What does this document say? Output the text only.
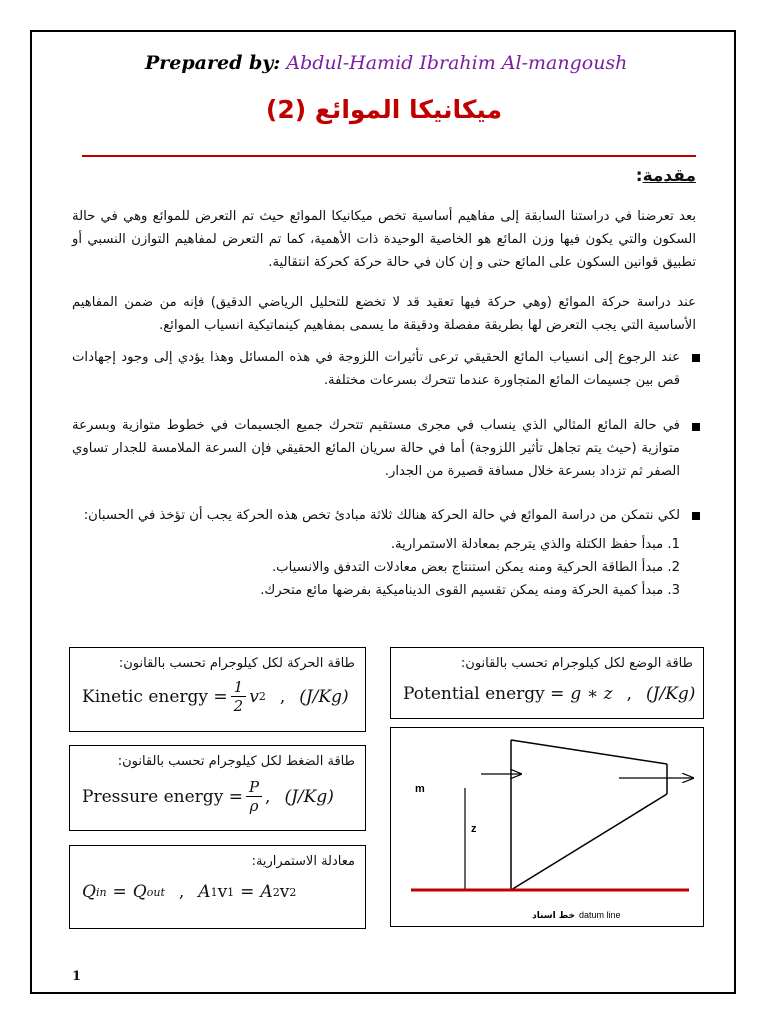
Prepared by: Abdul-Hamid Ibrahim Al-mangoush
ميكانيكا الموائع (2)
مقدمة:
بعد تعرضنا في دراستنا السابقة إلى مفاهيم أساسية تخص ميكانيكا الموائع حيث تم التعرض للموائع وهي في حالة السكون والتي يكون فيها وزن المائع هو الخاصية الوحيدة ذات الأهمية، كما تم التعرض لمفاهيم التوازن النسبي أو تطبيق قوانين السكون على المائع حتى و إن كان في حالة حركة كحركة انتقالية.
عند دراسة حركة الموائع (وهي حركة فيها تعقيد قد لا تخضع للتحليل الرياضي الدقيق) فإنه من ضمن المفاهيم الأساسية التي يجب التعرض لها بطريقة مفصلة ودقيقة ما يسمى بمفاهيم كينماتيكية انسياب الموائع.
عند الرجوع إلى انسياب المائع الحقيقي ترعى تأثيرات اللزوجة في هذه المسائل وهذا يؤدي إلى وجود إجهادات قص بين جسيمات المائع المتجاورة عندما تتحرك بسرعات مختلفة.
في حالة المائع المثالي الذي ينساب في مجرى مستقيم تتحرك جميع الجسيمات في خطوط متوازية وبسرعة متوازية (حيث يتم تجاهل تأثير اللزوجة) أما في حالة سريان المائع الحقيقي فإن السرعة الملامسة للجدار تساوي الصفر ثم تزداد بسرعة خلال مسافة قصيرة من الجدار.
لكي نتمكن من دراسة الموائع في حالة الحركة هنالك ثلاثة مبادئ تخص هذه الحركة يجب أن تؤخذ في الحسبان:
1. مبدأ حفظ الكتلة والذي يترجم بمعادلة الاستمرارية.
2. مبدأ الطاقة الحركية ومنه يمكن استنتاج بعض معادلات التدفق والانسياب.
3. مبدأ كمية الحركة ومنه يمكن تقسيم القوى الديناميكية بفرضها مائع متحرك.
طاقة الحركة لكل كيلوجرام تحسب بالقانون:
Kinetic energy = $\frac{1}{2}$ v 2 , (J/Kg)
طاقة الوضع لكل كيلوجرام تحسب بالقانون:
Potential energy = g ∗ z , (J/Kg)
طاقة الضغط لكل كيلوجرام تحسب بالقانون:
Pressure energy = $\frac{P}{\rho}$ , (J/Kg)
معادلة الاستمرارية:
Q in = Q out , A 1 v 1 = A 2 v 2
m
z
خط اسناد datum line
1
